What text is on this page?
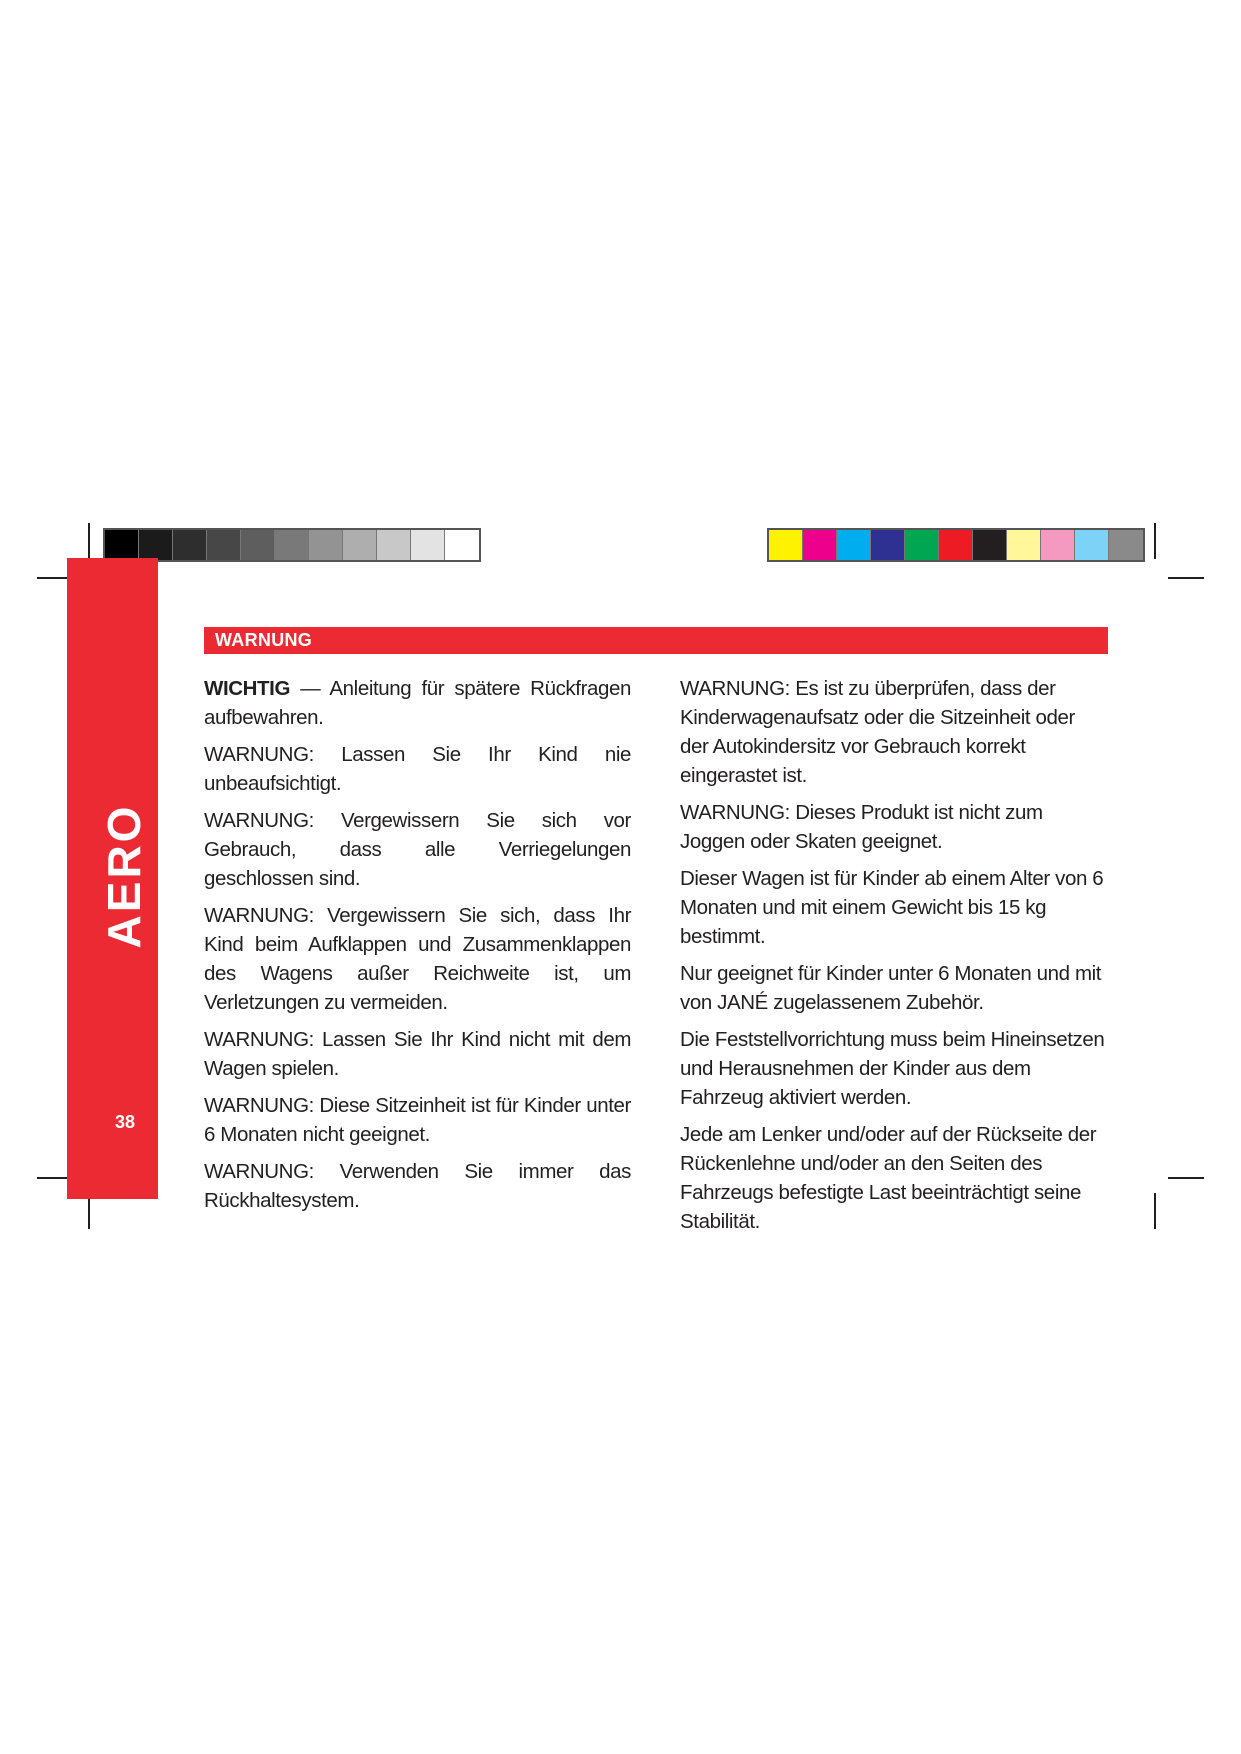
AERO
38
WARNUNG

WICHTIG — Anleitung für spätere Rückfragen aufbewahren.

WARNUNG: Lassen Sie Ihr Kind nie unbeaufsichtigt.

WARNUNG: Vergewissern Sie sich vor Gebrauch, dass alle Verriegelungen geschlossen sind.

WARNUNG: Vergewissern Sie sich, dass Ihr Kind beim Aufklappen und Zusammenklappen des Wagens außer Reichweite ist, um Verletzungen zu vermeiden.

WARNUNG: Lassen Sie Ihr Kind nicht mit dem Wagen spielen.

WARNUNG: Diese Sitzeinheit ist für Kinder unter 6 Monaten nicht geeignet.

WARNUNG: Verwenden Sie immer das Rückhaltesystem.

WARNUNG: Es ist zu überprüfen, dass der Kinderwagenaufsatz oder die Sitzeinheit oder der Autokindersitz vor Gebrauch korrekt eingerastet ist.

WARNUNG: Dieses Produkt ist nicht zum Joggen oder Skaten geeignet.

Dieser Wagen ist für Kinder ab einem Alter von 6 Monaten und mit einem Gewicht bis 15 kg bestimmt.

Nur geeignet für Kinder unter 6 Monaten und mit von JANÉ zugelassenem Zubehör.

Die Feststellvorrichtung muss beim Hineinsetzen und Herausnehmen der Kinder aus dem Fahrzeug aktiviert werden.

Jede am Lenker und/oder auf der Rückseite der Rückenlehne und/oder an den Seiten des Fahrzeugs befestigte Last beeinträchtigt seine Stabilität.
